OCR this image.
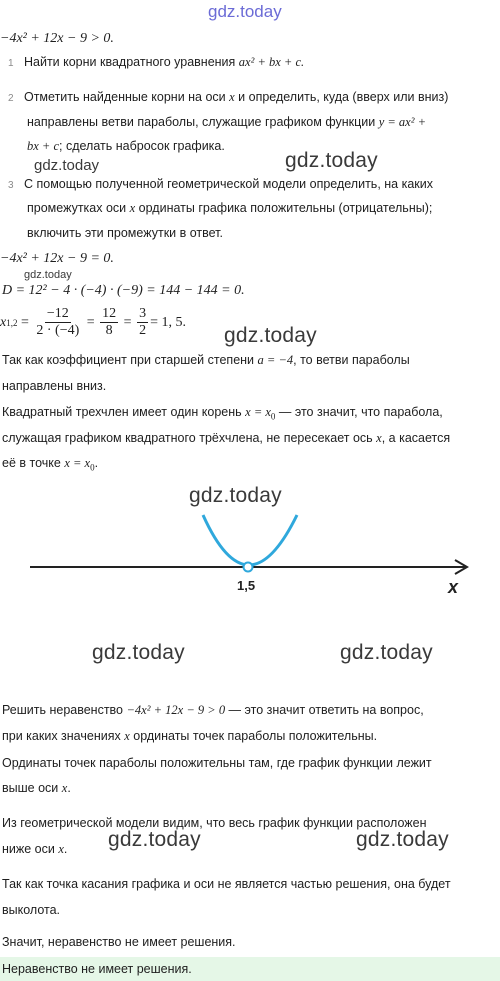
gdz.today
−4x² + 12x − 9 > 0.
1 Найти корни квадратного уравнения ax² + bx + c.
2 Отметить найденные корни на оси x и определить, куда (вверх или вниз)
направлены ветви параболы, служащие графиком функции y = ax² +
bx + c; сделать набросок графика.
gdz.today	gdz.today
3 С помощью полученной геометрической модели определить, на каких
промежутках оси x ординаты графика положительны (отрицательны);
включить эти промежутки в ответ.
−4x² + 12x − 9 = 0.
gdz.today
D = 12² − 4 · (−4) · (−9) = 144 − 144 = 0.
x $1,2 = \frac{-12}{2 \cdot (-4)} = \frac{12}{8} = \frac{3}{2} = 1$, 5.
gdz.today
Так как коэффициент при старшей степени a = −4, то ветви параболы
направлены вниз.
Квадратный трехчлен имеет один корень $x = x_0$ — это значит, что парабола,
служащая графиком квадратного трёхчлена, не пересекает ось x, а касается
её в точке $x = x_0$.
gdz.today
1,5	x
gdz.today	gdz.today
Решить неравенство −4x² + 12x − 9 > 0 — это значит ответить на вопрос,
при каких значениях x ординаты точек параболы положительны.
Ординаты точек параболы положительны там, где график функции лежит
выше оси x.
Из геометрической модели видим, что весь график функции расположен
ниже оси x. gdz.today	gdz.today
Так как точка касания графика и оси не является частью решения, она будет
выколота.
Значит, неравенство не имеет решения.
Неравенство не имеет решения.
